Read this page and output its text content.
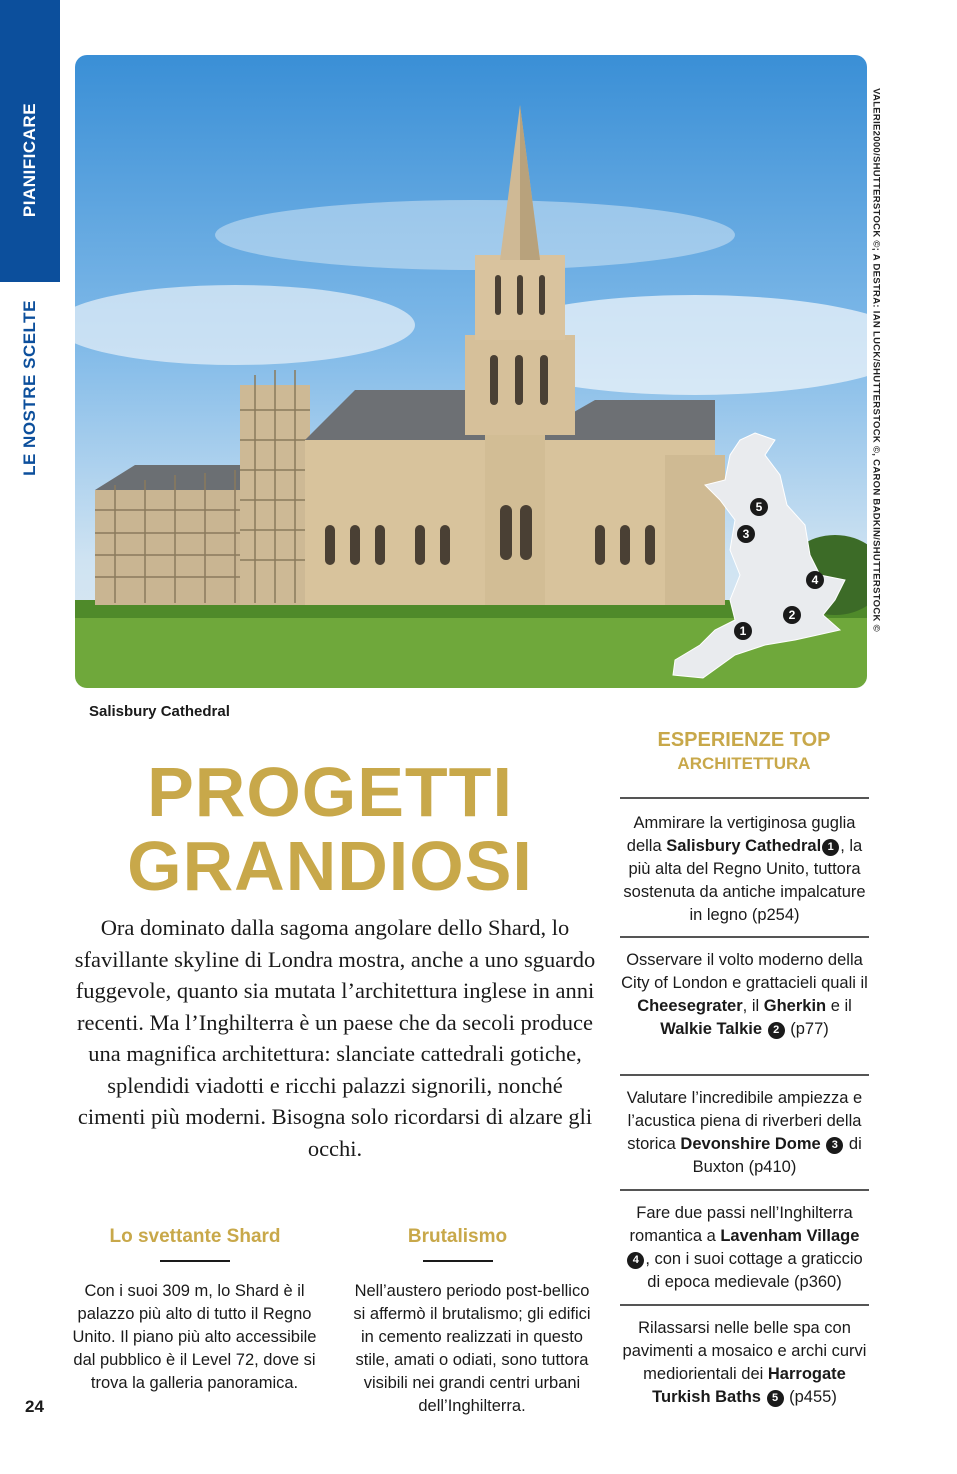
PIANIFICARE
LE NOSTRE SCELTE
5
3
4
2
1	VALERIE2000/SHUTTERSTOCK ©; A DESTRA: IAN LUCK/SHUTTERSTOCK ©, CARON BADKIN/SHUTTERSTOCK ©
Salisbury Cathedral
PROGETTI
GRANDIOSI
Ora dominato dalla sagoma angolare dello Shard, lo sfavillante skyline di Londra mostra, anche a uno sguardo fuggevole, quanto sia mutata l’architettura inglese in anni recenti. Ma l’Inghilterra è un paese che da secoli produce una magnifica architettura: slanciate cattedrali gotiche, splendidi viadotti e ricchi palazzi signorili, nonché cimenti più moderni. Bisogna solo ricordarsi di alzare gli occhi.
Lo svettante Shard
Con i suoi 309 m, lo Shard è il palazzo più alto di tutto il Regno Unito. Il piano più alto accessibile dal pubblico è il Level 72, dove si trova la galleria panoramica.
Brutalismo
Nell’austero periodo post-bellico si affermò il brutalismo; gli edifici in cemento realizzati in questo stile, amati o odiati, sono tuttora visibili nei grandi centri urbani dell’Inghilterra.
24
ESPERIENZE TOP
ARCHITETTURA
Ammirare la vertiginosa guglia della Salisbury Cathedral 1 , la più alta del Regno Unito, tuttora sostenuta da antiche impalcature in legno (p254)
Osservare il volto moderno della City of London e grattacieli quali il Cheesegrater, il Gherkin e il Walkie Talkie 2 (p77)
Valutare l’incredibile ampiezza e l’acustica piena di riverberi della storica Devonshire Dome 3 di Buxton (p410)
Fare due passi nell’Inghilterra romantica a Lavenham Village 4 , con i suoi cottage a graticcio di epoca medievale (p360)
Rilassarsi nelle belle spa con pavimenti a mosaico e archi curvi mediorientali dei Harrogate Turkish Baths 5 (p455)
